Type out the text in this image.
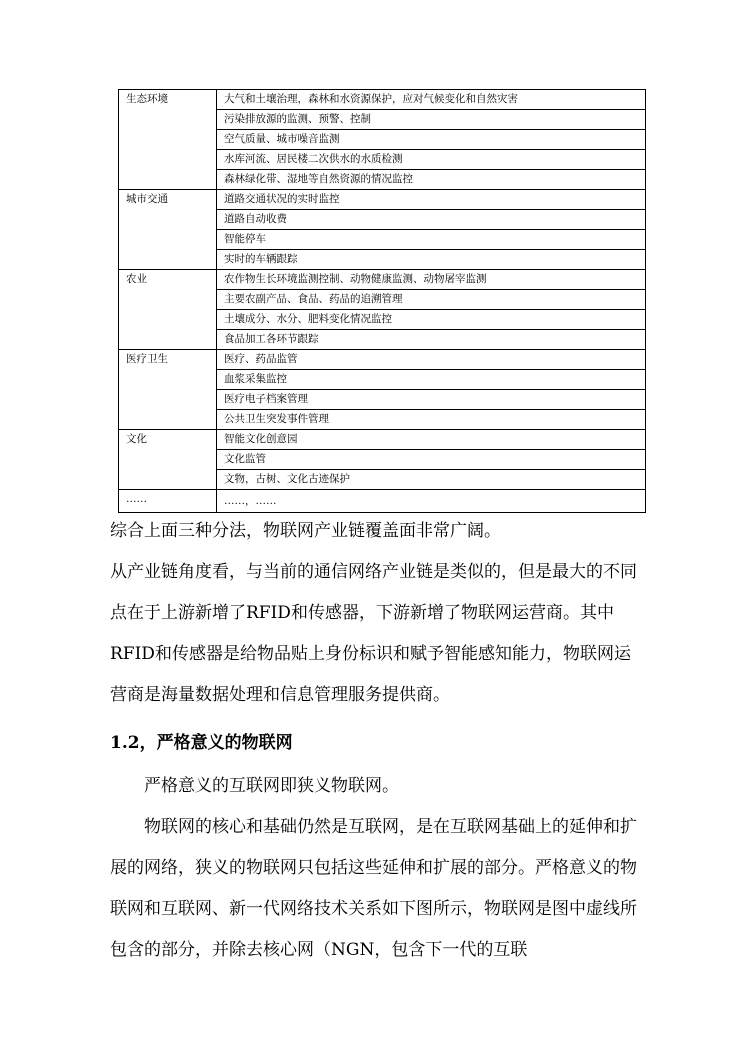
生态环境	大气和土壤治理，森林和水资源保护，应对气候变化和自然灾害
	污染排放源的监测、预警、控制
	空气质量、城市噪音监测
	水库河流、居民楼二次供水的水质检测
	森林绿化带、湿地等自然资源的情况监控
城市交通	道路交通状况的实时监控
	道路自动收费
	智能停车
	实时的车辆跟踪
农业	农作物生长环境监测控制、动物健康监测、动物屠宰监测
	主要农副产品、食品、药品的追溯管理
	土壤成分、水分、肥料变化情况监控
	食品加工各环节跟踪
医疗卫生	医疗、药品监管
	血浆采集监控
	医疗电子档案管理
	公共卫生突发事件管理
文化	智能文化创意园
	文化监管
	文物，古树、文化古迹保护
……	……，……

综合上面三种分法，物联网产业链覆盖面非常广阔。

从产业链角度看，与当前的通信网络产业链是类似的，但是最大的不同点在于上游新增了RFID和传感器，下游新增了物联网运营商。其中RFID和传感器是给物品贴上身份标识和赋予智能感知能力，物联网运营商是海量数据处理和信息管理服务提供商。

1.2，严格意义的物联网

严格意义的互联网即狭义物联网。

物联网的核心和基础仍然是互联网，是在互联网基础上的延伸和扩展的网络，狭义的物联网只包括这些延伸和扩展的部分。严格意义的物联网和互联网、新一代网络技术关系如下图所示，物联网是图中虚线所包含的部分，并除去核心网（NGN，包含下一代的互联
